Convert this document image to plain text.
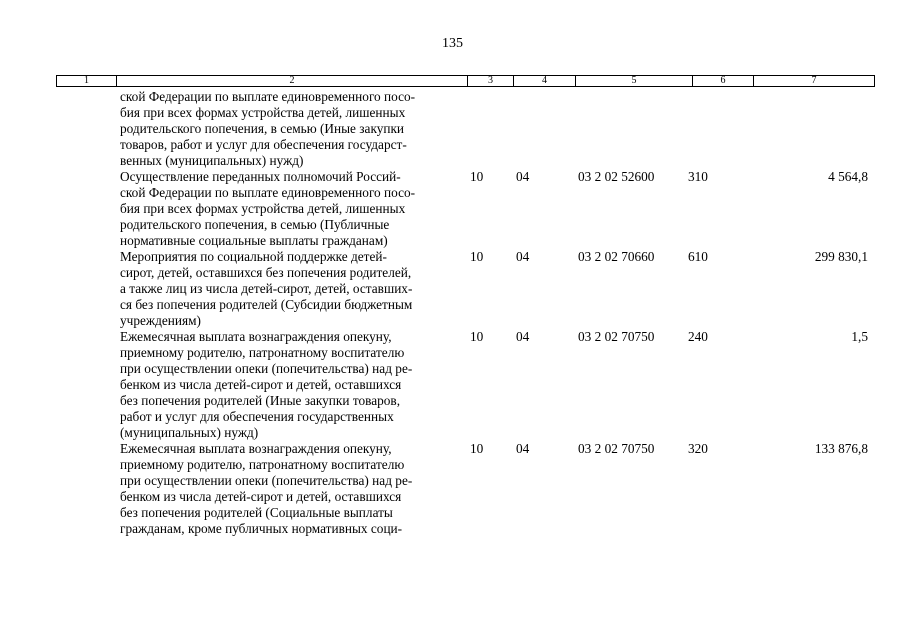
135
1	2	3	4	5	6	7
ской Федерации по выплате единовременного посо-
бия при всех формах устройства детей, лишенных
родительского попечения, в семью (Иные закупки
товаров, работ и услуг для обеспечения государст-
венных (муниципальных) нужд)
Осуществление переданных полномочий Россий-	10	04	03 2 02 52600	310	4 564,8
ской Федерации по выплате единовременного посо-
бия при всех формах устройства детей, лишенных
родительского попечения, в семью (Публичные
нормативные социальные выплаты гражданам)
Мероприятия по социальной поддержке детей-	10	04	03 2 02 70660	610	299 830,1
сирот, детей, оставшихся без попечения родителей,
а также лиц из числа детей-сирот, детей, оставших-
ся без попечения родителей (Субсидии бюджетным
учреждениям)
Ежемесячная выплата вознаграждения опекуну,	10	04	03 2 02 70750	240	1,5
приемному родителю, патронатному воспитателю
при осуществлении опеки (попечительства) над ре-
бенком из числа детей-сирот и детей, оставшихся
без попечения родителей (Иные закупки товаров,
работ и услуг для обеспечения государственных
(муниципальных) нужд)
Ежемесячная выплата вознаграждения опекуну,	10	04	03 2 02 70750	320	133 876,8
приемному родителю, патронатному воспитателю
при осуществлении опеки (попечительства) над ре-
бенком из числа детей-сирот и детей, оставшихся
без попечения родителей (Социальные выплаты
гражданам, кроме публичных нормативных соци-
